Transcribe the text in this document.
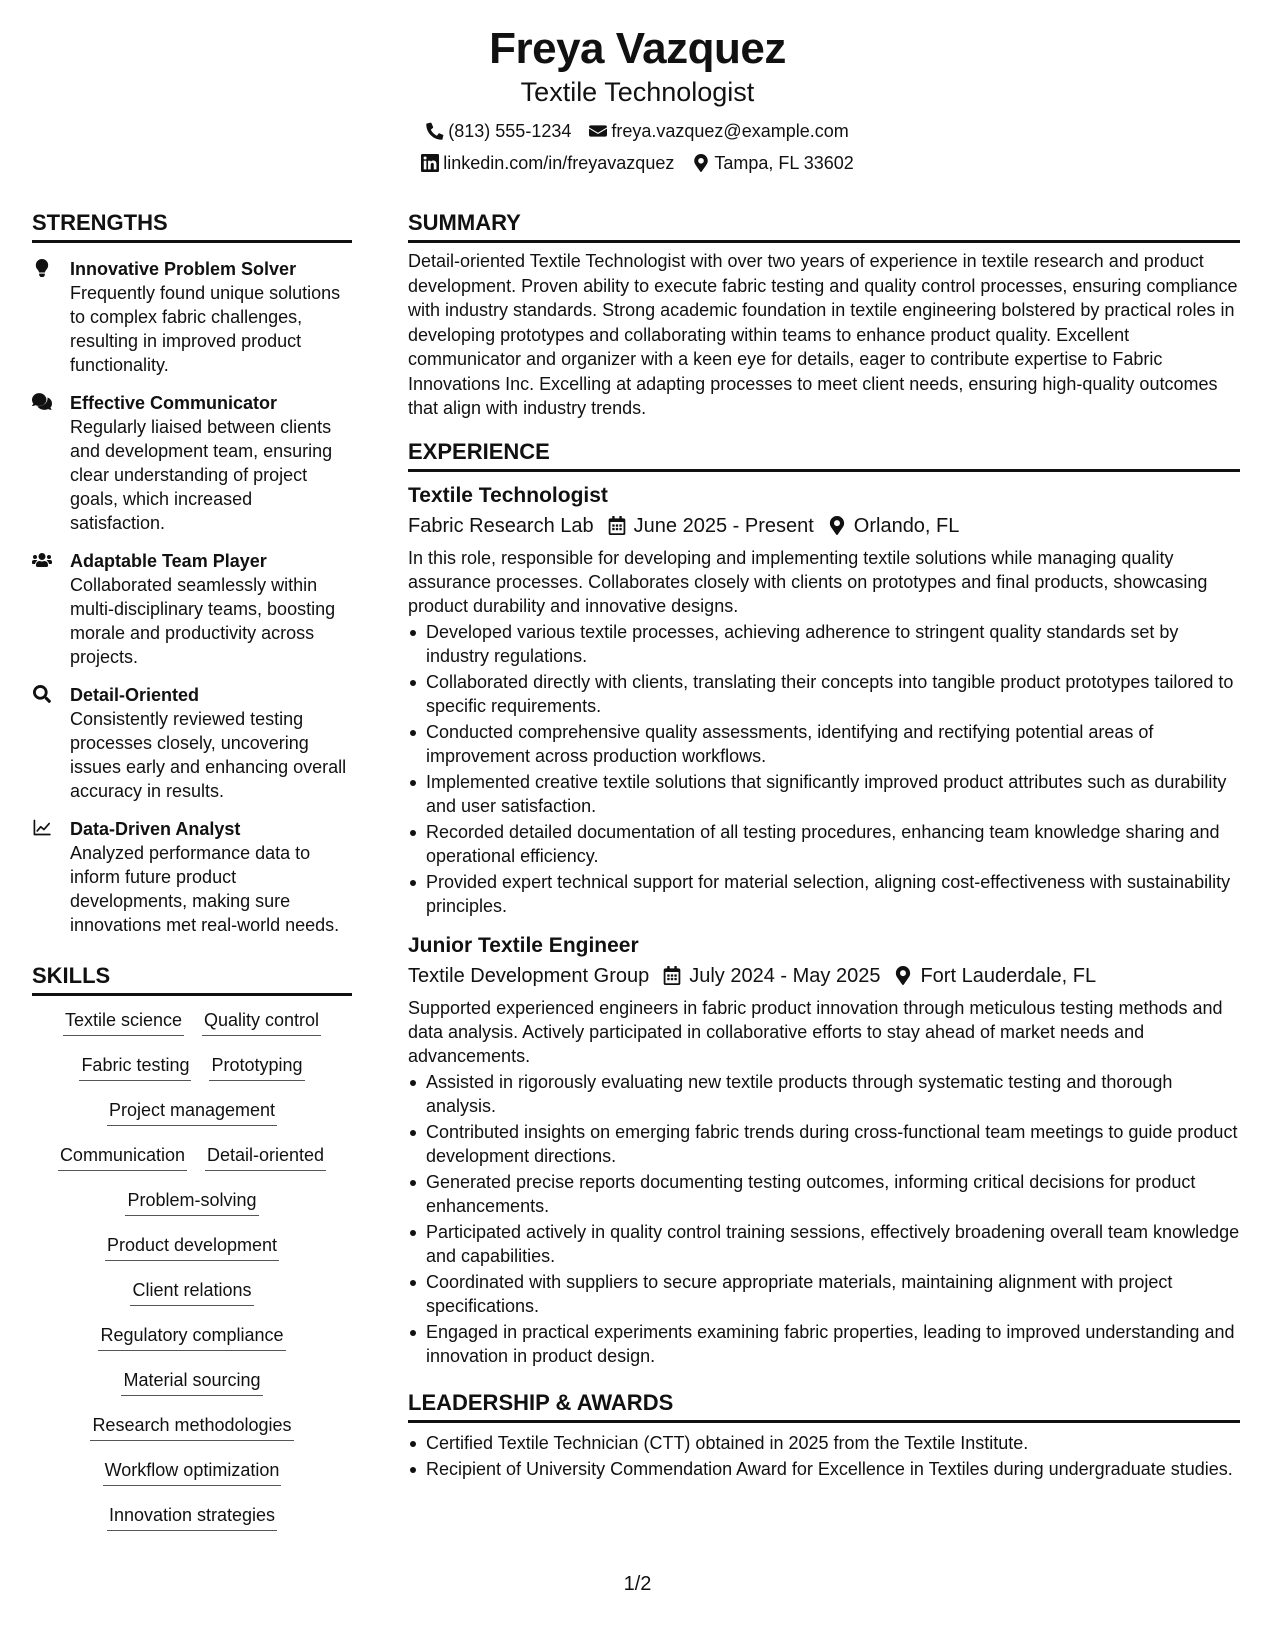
Freya Vazquez
Textile Technologist
(813) 555-1234 freya.vazquez@example.com
linkedin.com/in/freyavazquez Tampa, FL 33602
STRENGTHS
Innovative Problem Solver
Frequently found unique solutions to complex fabric challenges, resulting in improved product functionality.
Effective Communicator
Regularly liaised between clients and development team, ensuring clear understanding of project goals, which increased satisfaction.
Adaptable Team Player
Collaborated seamlessly within multi-disciplinary teams, boosting morale and productivity across projects.
Detail-Oriented
Consistently reviewed testing processes closely, uncovering issues early and enhancing overall accuracy in results.
Data-Driven Analyst
Analyzed performance data to inform future product developments, making sure innovations met real-world needs.
SKILLS
Textile science Quality control
Fabric testing Prototyping
Project management
Communication Detail-oriented
Problem-solving
Product development
Client relations
Regulatory compliance
Material sourcing
Research methodologies
Workflow optimization
Innovation strategies
SUMMARY
Detail-oriented Textile Technologist with over two years of experience in textile research and product development. Proven ability to execute fabric testing and quality control processes, ensuring compliance with industry standards. Strong academic foundation in textile engineering bolstered by practical roles in developing prototypes and collaborating within teams to enhance product quality. Excellent communicator and organizer with a keen eye for details, eager to contribute expertise to Fabric Innovations Inc. Excelling at adapting processes to meet client needs, ensuring high-quality outcomes that align with industry trends.
EXPERIENCE
Textile Technologist
Fabric Research Lab June 2025 - Present Orlando, FL
In this role, responsible for developing and implementing textile solutions while managing quality assurance processes. Collaborates closely with clients on prototypes and final products, showcasing product durability and innovative designs.
Developed various textile processes, achieving adherence to stringent quality standards set by industry regulations.
Collaborated directly with clients, translating their concepts into tangible product prototypes tailored to specific requirements.
Conducted comprehensive quality assessments, identifying and rectifying potential areas of improvement across production workflows.
Implemented creative textile solutions that significantly improved product attributes such as durability and user satisfaction.
Recorded detailed documentation of all testing procedures, enhancing team knowledge sharing and operational efficiency.
Provided expert technical support for material selection, aligning cost-effectiveness with sustainability principles.
Junior Textile Engineer
Textile Development Group July 2024 - May 2025 Fort Lauderdale, FL
Supported experienced engineers in fabric product innovation through meticulous testing methods and data analysis. Actively participated in collaborative efforts to stay ahead of market needs and advancements.
Assisted in rigorously evaluating new textile products through systematic testing and thorough analysis.
Contributed insights on emerging fabric trends during cross-functional team meetings to guide product development directions.
Generated precise reports documenting testing outcomes, informing critical decisions for product enhancements.
Participated actively in quality control training sessions, effectively broadening overall team knowledge and capabilities.
Coordinated with suppliers to secure appropriate materials, maintaining alignment with project specifications.
Engaged in practical experiments examining fabric properties, leading to improved understanding and innovation in product design.
LEADERSHIP & AWARDS
Certified Textile Technician (CTT) obtained in 2025 from the Textile Institute.
Recipient of University Commendation Award for Excellence in Textiles during undergraduate studies.
1/2
